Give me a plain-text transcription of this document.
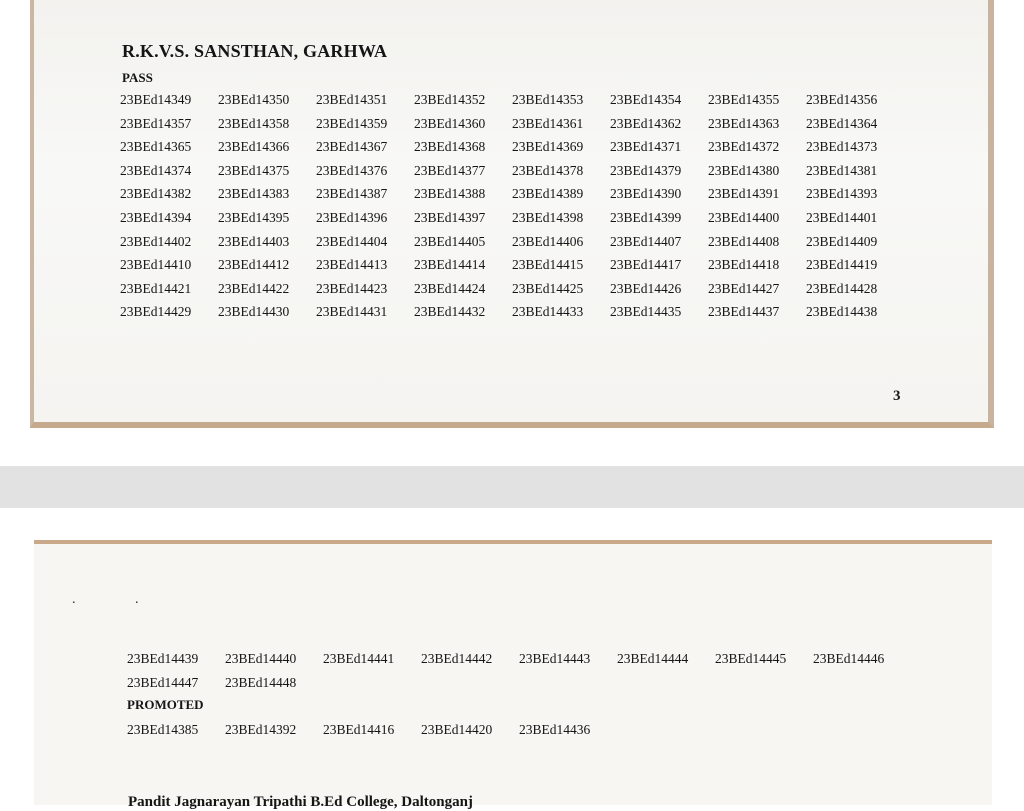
R.K.V.S. SANSTHAN, GARHWA
PASS
23BEd14349	23BEd14350	23BEd14351	23BEd14352	23BEd14353	23BEd14354	23BEd14355	23BEd14356
23BEd14357	23BEd14358	23BEd14359	23BEd14360	23BEd14361	23BEd14362	23BEd14363	23BEd14364
23BEd14365	23BEd14366	23BEd14367	23BEd14368	23BEd14369	23BEd14371	23BEd14372	23BEd14373
23BEd14374	23BEd14375	23BEd14376	23BEd14377	23BEd14378	23BEd14379	23BEd14380	23BEd14381
23BEd14382	23BEd14383	23BEd14387	23BEd14388	23BEd14389	23BEd14390	23BEd14391	23BEd14393
23BEd14394	23BEd14395	23BEd14396	23BEd14397	23BEd14398	23BEd14399	23BEd14400	23BEd14401
23BEd14402	23BEd14403	23BEd14404	23BEd14405	23BEd14406	23BEd14407	23BEd14408	23BEd14409
23BEd14410	23BEd14412	23BEd14413	23BEd14414	23BEd14415	23BEd14417	23BEd14418	23BEd14419
23BEd14421	23BEd14422	23BEd14423	23BEd14424	23BEd14425	23BEd14426	23BEd14427	23BEd14428
23BEd14429	23BEd14430	23BEd14431	23BEd14432	23BEd14433	23BEd14435	23BEd14437	23BEd14438
3
. .
23BEd14439	23BEd14440	23BEd14441	23BEd14442	23BEd14443	23BEd14444	23BEd14445	23BEd14446
23BEd14447	23BEd14448
PROMOTED
23BEd14385	23BEd14392	23BEd14416	23BEd14420	23BEd14436
Pandit Jagnarayan Tripathi B.Ed College, Daltonganj
